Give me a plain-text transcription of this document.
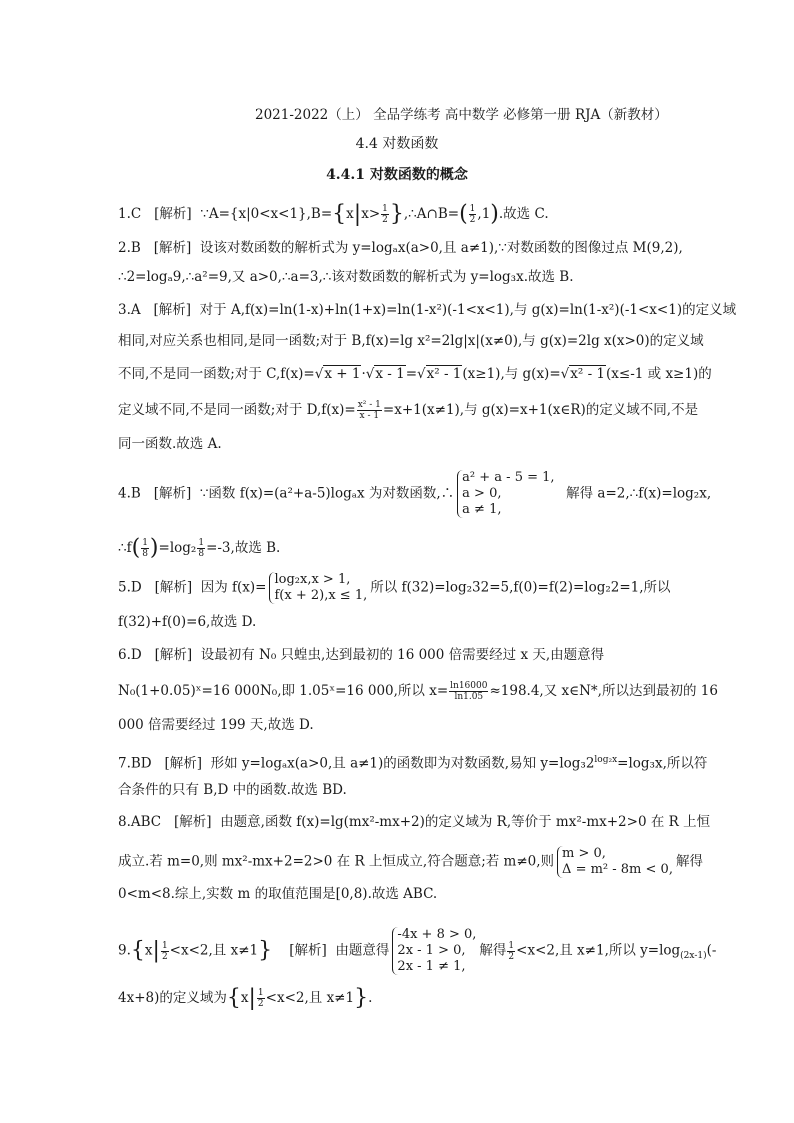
2021-2022（上） 全品学练考 高中数学 必修第一册 RJA（新教材）
4.4 对数函数
4.4.1 对数函数的概念
1.C [解析] ∵A={x|0<x<1},B={x|x> $\frac{1}{2}$ },∴A∩B=( $\frac{1}{2} ,1$).故选 C.
2.B [解析] 设该对数函数的解析式为 y=logₐx(a>0,且 a≠1),∵对数函数的图像过点 M(9,2),
∴2=logₐ9,∴a²=9,又 a>0,∴a=3,∴该对数函数的解析式为 y=log₃x.故选 B.
3.A [解析] 对于 A,f(x)=ln(1-x)+ln(1+x)=ln(1-x²)(-1<x<1),与 g(x)=ln(1-x²)(-1<x<1)的定义域
相同,对应关系也相同,是同一函数;对于 B,f(x)=lg x²=2lg|x|(x≠0),与 g(x)=2lg x(x>0)的定义域
不同,不是同一函数;对于 C,f(x)=√x + 1·√x - 1=√x² - 1(x≥1),与 g(x)=√x² - 1(x≤-1 或 x≥1)的
定义域不同,不是同一函数;对于 $D,f(x)= \frac{\text{x² - 1}}{x - 1} =x+1(x\ne 1)$,与 g(x)=x+1(x∈R)的定义域不同,不是
同一函数.故选 A.
4.B [解析] ∵函数 f(x)=(a²+a-5)logₐx 为对数函数,∴
a² + a - 5 = 1,
a > 0,
a ≠ 1,
解得 a=2,∴f(x)=log₂x,
∴f( $\frac{1}{8} )=\log_2 \frac{1}{8} =-3$,故选 B.
5.D [解析] 因为 f(x)= log₂x,x > 1,
f(x + 2),x ≤ 1, 所以 f(32)=log₂32=5,f(0)=f(2)=log₂2=1,所以
f(32)+f(0)=6,故选 D.
6.D [解析] 设最初有 N₀ 只蝗虫,达到最初的 16 000 倍需要经过 x 天,由题意得
N₀(1+0.05)ˣ=16 000N₀,即 1.05ˣ=16 000,所以 $x= \frac{\ln 16000}{\ln 1.05} \approx 198.4$,又 x∈N*,所以达到最初的 16
000 倍需要经过 199 天,故选 D.
7.BD [解析] 形如 y=logₐx(a>0,且 a≠1)的函数即为对数函数,易知 $y=\log_32^{log_2x}=\log_3x$,所以符
合条件的只有 B,D 中的函数.故选 BD.
8.ABC [解析] 由题意,函数 f(x)=lg(mx²-mx+2)的定义域为 R,等价于 mx²-mx+2>0 在 R 上恒
成立.若 m=0,则 mx²-mx+2=2>0 在 R 上恒成立,符合题意;若 m≠0,则 m > 0,
Δ = m² - 8m < 0, 解得
0<m<8.综上,实数 m 的取值范围是[0,8).故选 ABC.
$9.\{x| \frac{1}{2} <x<2$,且 x≠1} [解析] 由题意得
-4x + 8 > 0,
2x - 1 > 0,
2x - 1 ≠ 1,
解得 $\frac{1}{2} <x<2$,且 x≠1,所以 $y=\log_{(2x-1)}(-$
4x+8)的定义域为{$x| \frac{1}{2} <x<2$,且 x≠1}.
